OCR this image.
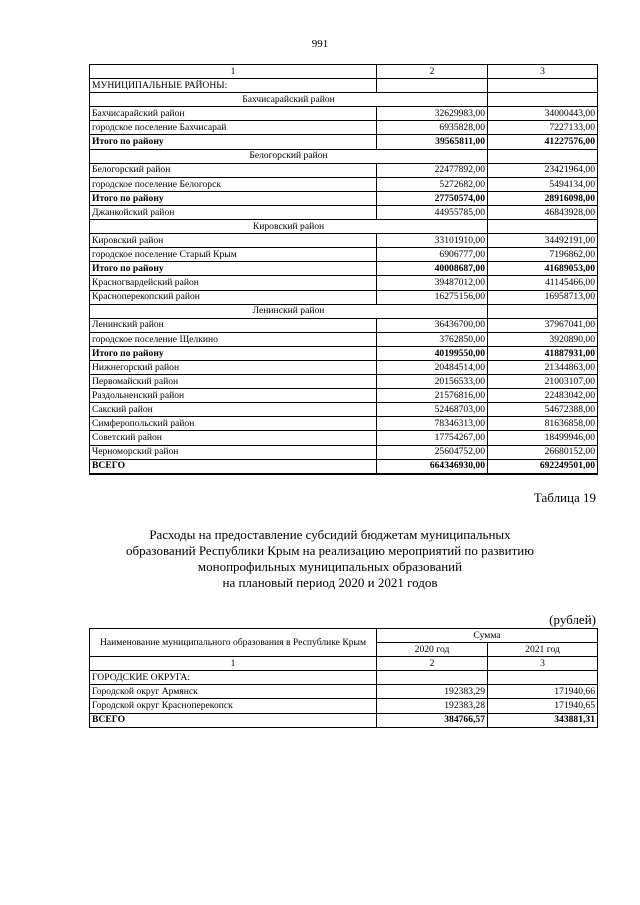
991
1	2	3
МУНИЦИПАЛЬНЫЕ РАЙОНЫ:		
Бахчисарайский район		
Бахчисарайский район	32629983,00	34000443,00
городское поселение Бахчисарай	6935828,00	7227133,00
Итого по району	39565811,00	41227576,00
Белогорский район		
Белогорский район	22477892,00	23421964,00
городское поселение Белогорск	5272682,00	5494134,00
Итого по району	27750574,00	28916098,00
Джанкойский район	44955785,00	46843928,00
Кировский район		
Кировский район	33101910,00	34492191,00
городское поселение Старый Крым	6906777,00	7196862,00
Итого по району	40008687,00	41689053,00
Красногвардейский район	39487012,00	41145466,00
Красноперекопский район	16275156,00	16958713,00
Ленинский район		
Ленинский район	36436700,00	37967041,00
городское поселение Щелкино	3762850,00	3920890,00
Итого по району	40199550,00	41887931,00
Нижнегорский район	20484514,00	21344863,00
Первомайский район	20156533,00	21003107,00
Раздольненский район	21576816,00	22483042,00
Сакский район	52468703,00	54672388,00
Симферопольский район	78346313,00	81636858,00
Советский район	17754267,00	18499946,00
Черноморский район	25604752,00	26680152,00
ВСЕГО	664346930,00	692249501,00
Таблица 19
Расходы на предоставление субсидий бюджетам муниципальных
образований Республики Крым на реализацию мероприятий по развитию
монопрофильных муниципальных образований
на плановый период 2020 и 2021 годов
(рублей)
Наименование муниципального образования в Республике Крым	Сумма	
	2020 год	2021 год
1	2	3
ГОРОДСКИЕ ОКРУГА:		
Городской округ Армянск	192383,29	171940,66
Городской округ Красноперекопск	192383,28	171940,65
ВСЕГО	384766,57	343881,31
